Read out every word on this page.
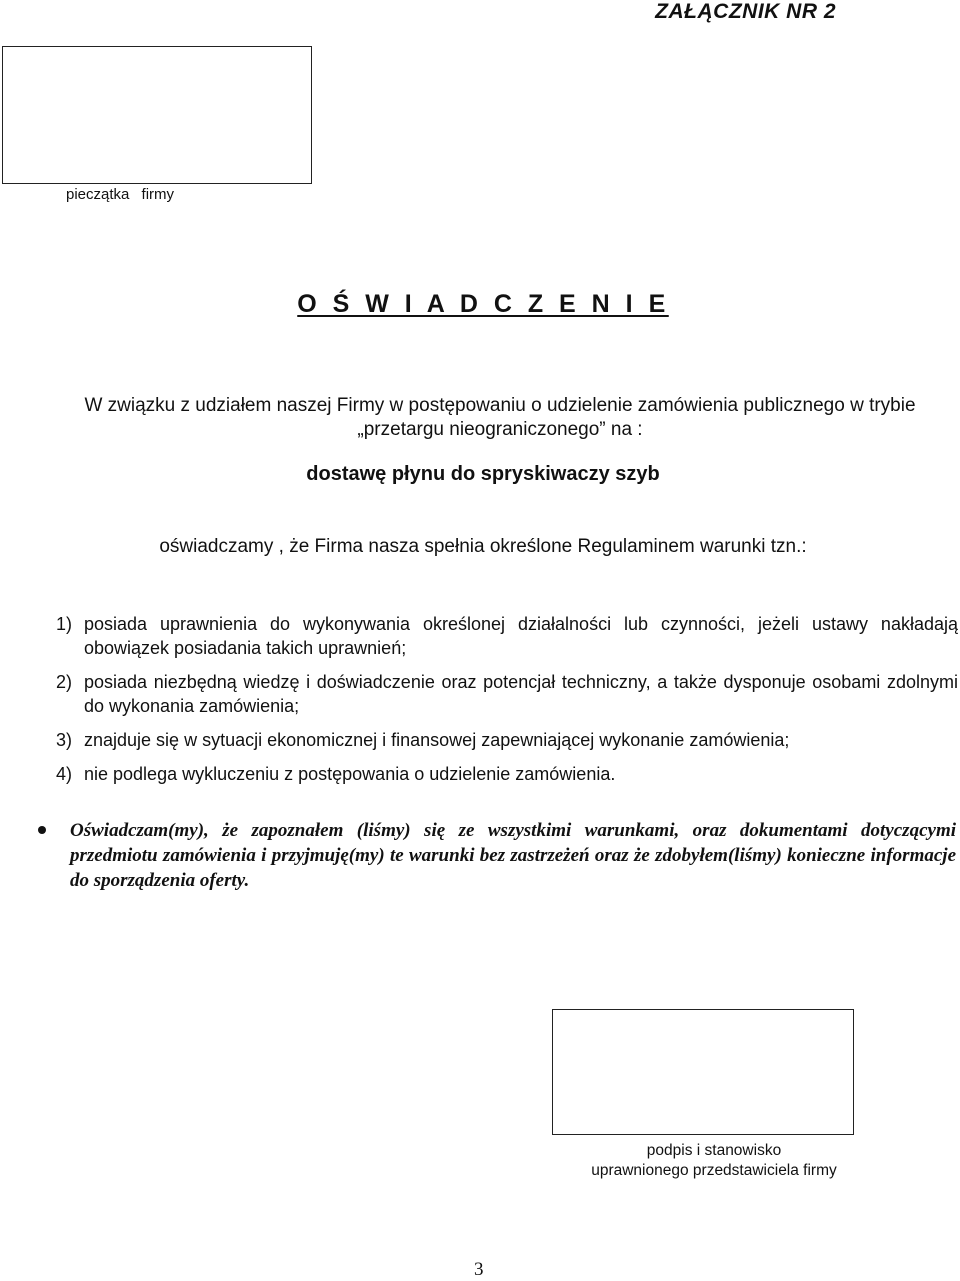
ZAŁĄCZNIK NR 2
pieczątka firmy
O Ś W I A D C Z E N I E
W związku z udziałem naszej Firmy w postępowaniu o udzielenie zamówienia publicznego w trybie „przetargu nieograniczonego” na :
dostawę płynu do spryskiwaczy szyb
oświadczamy , że Firma nasza spełnia określone Regulaminem warunki tzn.:
1) posiada uprawnienia do wykonywania określonej działalności lub czynności, jeżeli ustawy nakładają obowiązek posiadania takich uprawnień;
2) posiada niezbędną wiedzę i doświadczenie oraz potencjał techniczny, a także dysponuje osobami zdolnymi do wykonania zamówienia;
3) znajduje się w sytuacji ekonomicznej i finansowej zapewniającej wykonanie zamówienia;
4) nie podlega wykluczeniu z postępowania o udzielenie zamówienia.
Oświadczam(my), że zapoznałem (liśmy) się ze wszystkimi warunkami, oraz dokumentami dotyczącymi przedmiotu zamówienia i przyjmuję(my) te warunki bez zastrzeżeń oraz że zdobyłem(liśmy) konieczne informacje do sporządzenia oferty.
podpis i stanowisko
uprawnionego przedstawiciela firmy
3
